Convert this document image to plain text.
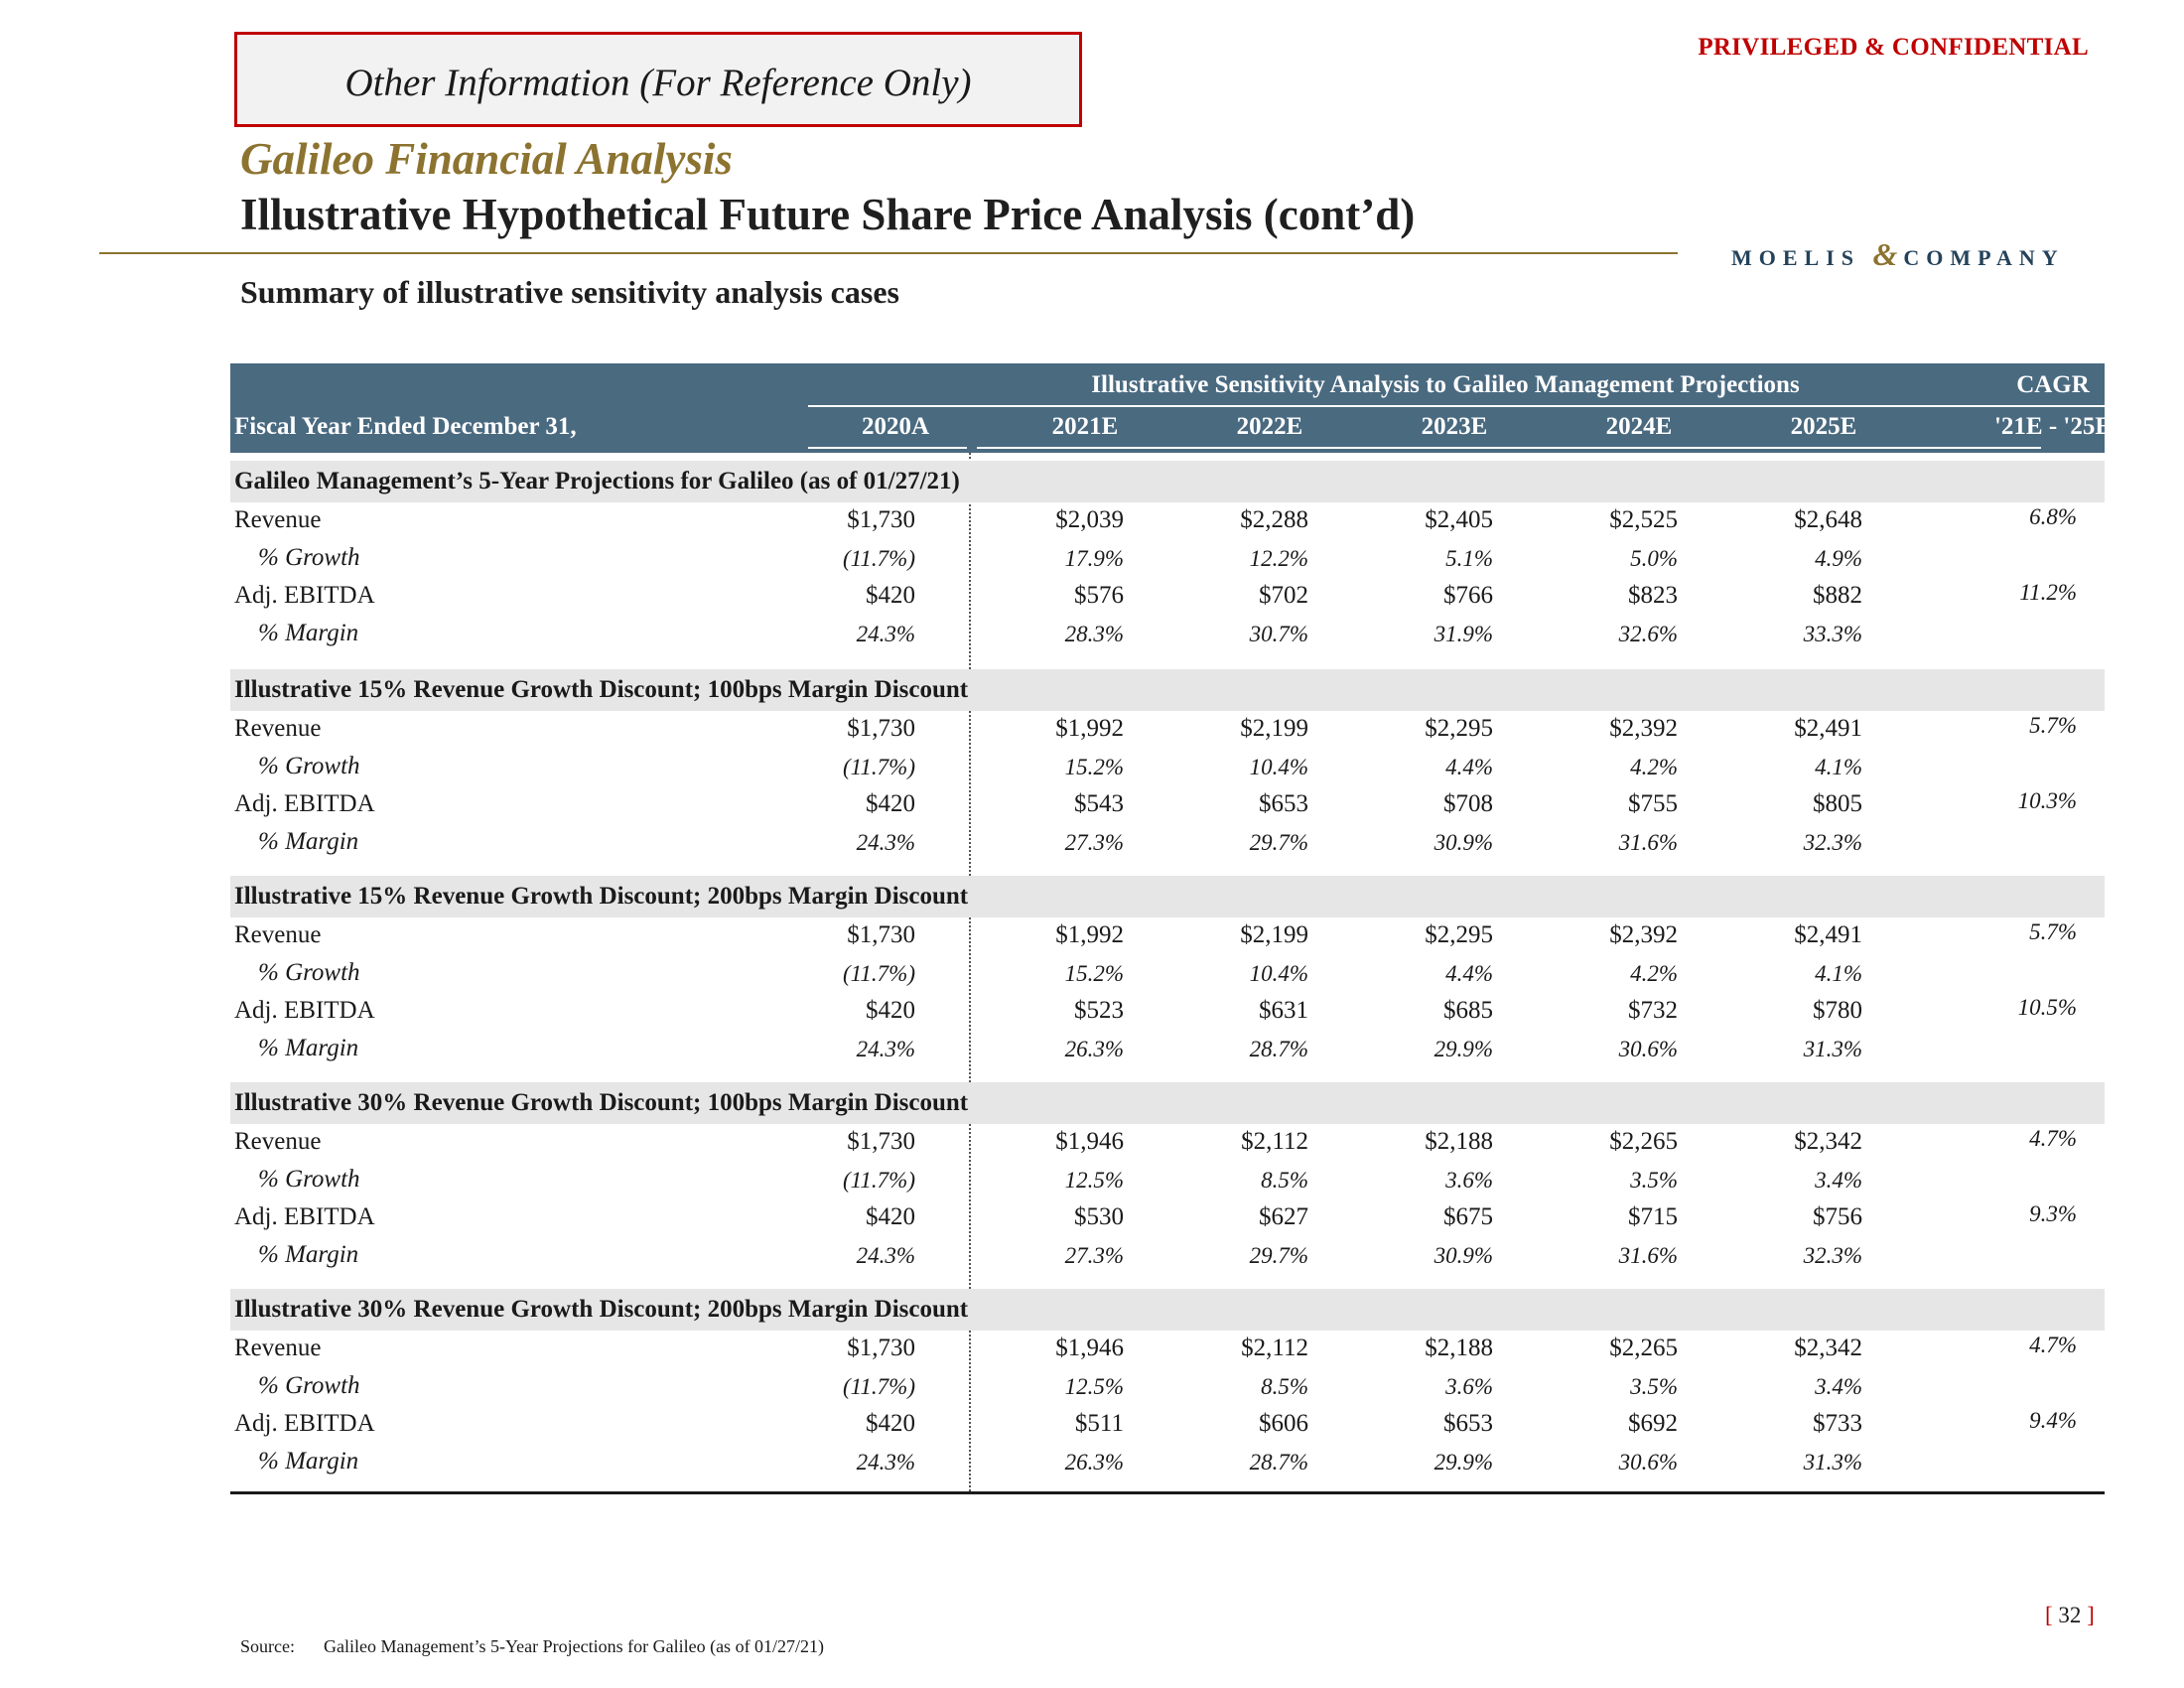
PRIVILEGED & CONFIDENTIAL
Other Information (For Reference Only)
Galileo Financial Analysis
Illustrative Hypothetical Future Share Price Analysis (cont’d)
MOELIS & COMPANY
Summary of illustrative sensitivity analysis cases
Illustrative Sensitivity Analysis to Galileo Management Projections	CAGR
Fiscal Year Ended December 31,	2020A	2021E	2022E	2023E	2024E	2025E	'21E - '25E
Galileo Management’s 5-Year Projections for Galileo (as of 01/27/21)
Revenue	$1,730	$2,039	$2,288	$2,405	$2,525	$2,648	6.8%
% Growth	(11.7%)	17.9%	12.2%	5.1%	5.0%	4.9%
Adj. EBITDA	$420	$576	$702	$766	$823	$882	11.2%
% Margin	24.3%	28.3%	30.7%	31.9%	32.6%	33.3%
Illustrative 15% Revenue Growth Discount; 100bps Margin Discount
Revenue	$1,730	$1,992	$2,199	$2,295	$2,392	$2,491	5.7%
% Growth	(11.7%)	15.2%	10.4%	4.4%	4.2%	4.1%
Adj. EBITDA	$420	$543	$653	$708	$755	$805	10.3%
% Margin	24.3%	27.3%	29.7%	30.9%	31.6%	32.3%
Illustrative 15% Revenue Growth Discount; 200bps Margin Discount
Revenue	$1,730	$1,992	$2,199	$2,295	$2,392	$2,491	5.7%
% Growth	(11.7%)	15.2%	10.4%	4.4%	4.2%	4.1%
Adj. EBITDA	$420	$523	$631	$685	$732	$780	10.5%
% Margin	24.3%	26.3%	28.7%	29.9%	30.6%	31.3%
Illustrative 30% Revenue Growth Discount; 100bps Margin Discount
Revenue	$1,730	$1,946	$2,112	$2,188	$2,265	$2,342	4.7%
% Growth	(11.7%)	12.5%	8.5%	3.6%	3.5%	3.4%
Adj. EBITDA	$420	$530	$627	$675	$715	$756	9.3%
% Margin	24.3%	27.3%	29.7%	30.9%	31.6%	32.3%
Illustrative 30% Revenue Growth Discount; 200bps Margin Discount
Revenue	$1,730	$1,946	$2,112	$2,188	$2,265	$2,342	4.7%
% Growth	(11.7%)	12.5%	8.5%	3.6%	3.5%	3.4%
Adj. EBITDA	$420	$511	$606	$653	$692	$733	9.4%
% Margin	24.3%	26.3%	28.7%	29.9%	30.6%	31.3%
[ 32 ]
Source: Galileo Management’s 5-Year Projections for Galileo (as of 01/27/21)
